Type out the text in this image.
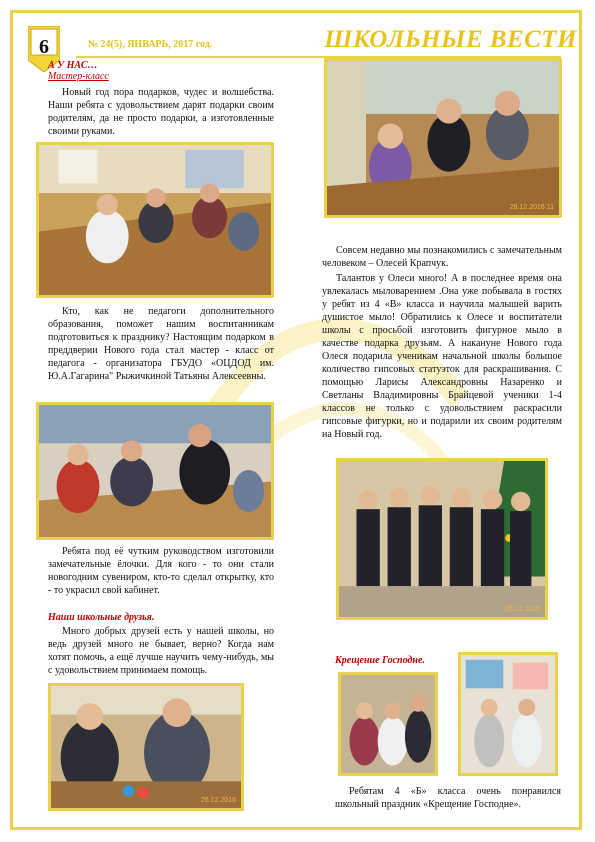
6	№ 24(5), ЯНВАРЬ, 2017 год.	ШКОЛЬНЫЕ ВЕСТИ
А У НАС…
Мастер-класс
Новый год пора подарков, чудес и волшебства. Наши ребята с удовольствием дарят подарки своим родителям, да не просто подарки, а изготовленные своими руками.
Кто, как не педагоги дополнительного образования, поможет нашим воспитанникам подготовиться к празднику? Настоящим подарком в преддверии Нового года стал мастер - класс от педагога - организатора ГБУДО «ОЦДОД им. Ю.А.Гагарина" Рыжичкиной Татьяны Алексеевны.
Ребята под её чутким руководством изготовили замечательные ёлочки. Для кого - то они стали новогодним сувениром, кто-то сделал открытку, кто - то украсил свой кабинет.
Наши школьные друзья.
Много добрых друзей есть у нашей школы, но ведь друзей много не бывает, верно? Когда нам хотят помочь, а ещё лучше научить чему-нибудь, мы с удовольствием принимаем помощь.
26.12.2016
26.12.2016 11
Совсем недавно мы познакомились с замечательным человеком – Олесей Крапчук.
Талантов у Олеси много! А в последнее время она увлекалась мыловарением .Она уже побывала в гостях у ребят из 4 «В» класса и научила малышей варить душистое мыло! Обратились к Олесе и воспитатели школы с просьбой изготовить фигурное мыло в качестве подарка друзьям. А накануне Нового года Олеся подарила ученикам начальной школы большое количество гипсовых статуэток для раскрашивания. С помощью Ларисы Александровны Назаренко и Светланы Владимировны Брайцевой ученики 1-4 классов не только с удовольствием раскрасили гипсовые фигурки, но и подарили их своим родителям на Новый год.
25.12.2016
Крещение Господне.
Ребятам 4 «Б» класса очень понравился школьный праздник «Крещение Господне».
